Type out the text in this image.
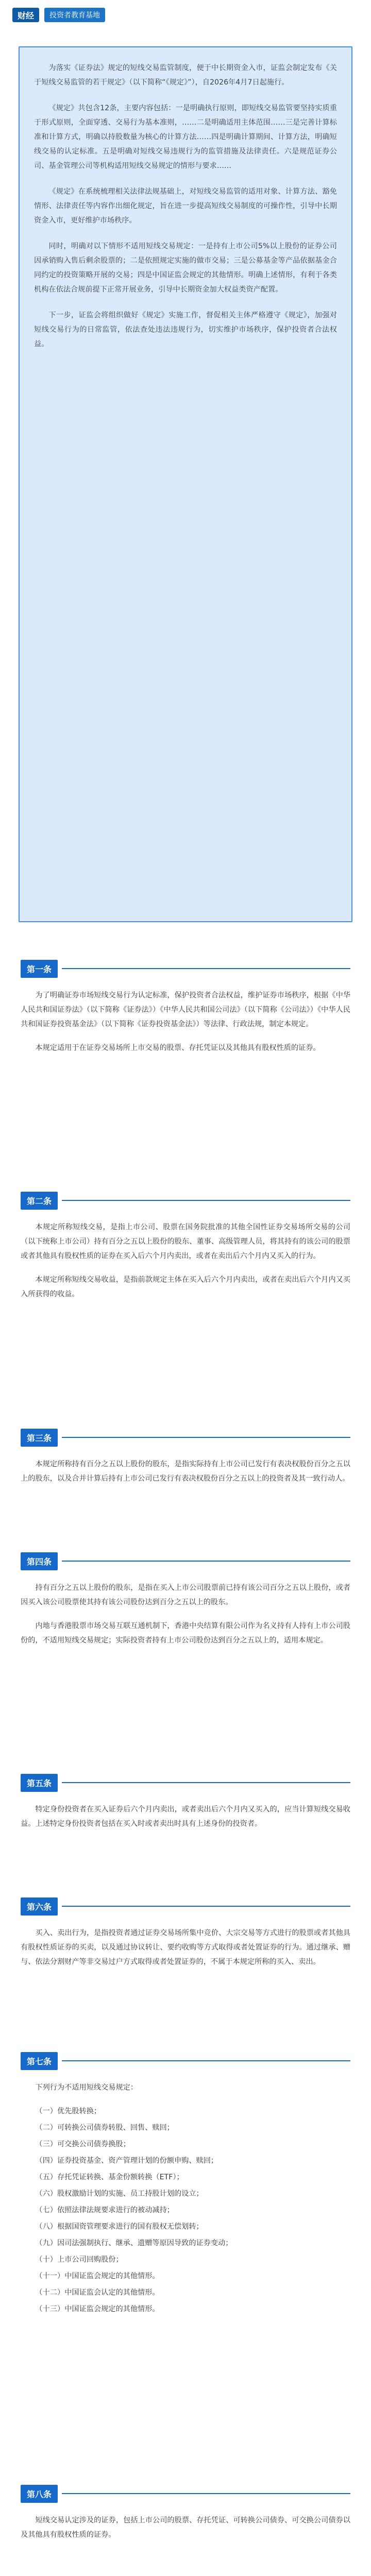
财经	投资者教育基地

为落实《证券法》规定的短线交易监管制度，便于中长期资金入市，证监会制定发布《关于短线交易监管的若干规定》（以下简称“《规定》”），自2026年4月7日起施行。

《规定》共包含12条，主要内容包括：一是明确执行原则，即短线交易监管要坚持实质重于形式原则，全面穿透、交易行为基本准则，……二是明确适用主体范围……三是完善计算标准和计算方式，明确以持股数量为核心的计算方法……四是明确计算期间、计算方法，明确短线交易的认定标准。五是明确对短线交易违规行为的监管措施及法律责任。六是规范证券公司、基金管理公司等机构适用短线交易规定的情形与要求……

《规定》在系统梳理相关法律法规基础上，对短线交易监管的适用对象、计算方法、豁免情形、法律责任等内容作出细化规定，旨在进一步提高短线交易制度的可操作性，引导中长期资金入市，更好维护市场秩序。

同时，明确对以下情形不适用短线交易规定：一是持有上市公司5%以上股份的证券公司因承销购入售后剩余股票的；二是依照规定实施的做市交易；三是公募基金等产品依据基金合同约定的投资策略开展的交易；四是中国证监会规定的其他情形。明确上述情形，有利于各类机构在依法合规前提下正常开展业务，引导中长期资金加大权益类资产配置。

下一步，证监会将组织做好《规定》实施工作，督促相关主体严格遵守《规定》，加强对短线交易行为的日常监管，依法查处违法违规行为，切实维护市场秩序，保护投资者合法权益。

第一条

为了明确证券市场短线交易行为认定标准，保护投资者合法权益，维护证券市场秩序，根据《中华人民共和国证券法》（以下简称《证券法》）《中华人民共和国公司法》（以下简称《公司法》）《中华人民共和国证券投资基金法》（以下简称《证券投资基金法》）等法律、行政法规，制定本规定。

本规定适用于在证券交易场所上市交易的股票、存托凭证以及其他具有股权性质的证券。

第二条

本规定所称短线交易，是指上市公司、股票在国务院批准的其他全国性证券交易场所交易的公司（以下统称上市公司）持有百分之五以上股份的股东、董事、高级管理人员，将其持有的该公司的股票或者其他具有股权性质的证券在买入后六个月内卖出，或者在卖出后六个月内又买入的行为。

本规定所称短线交易收益，是指前款规定主体在买入后六个月内卖出，或者在卖出后六个月内又买入所获得的收益。

第三条

本规定所称持有百分之五以上股份的股东，是指实际持有上市公司已发行有表决权股份百分之五以上的股东，以及合并计算后持有上市公司已发行有表决权股份百分之五以上的投资者及其一致行动人。

第四条

持有百分之五以上股份的股东，是指在买入上市公司股票前已持有该公司百分之五以上股份，或者因买入该公司股票使其持有该公司股份达到百分之五以上的股东。

内地与香港股票市场交易互联互通机制下，香港中央结算有限公司作为名义持有人持有上市公司股份的，不适用短线交易规定；实际投资者持有上市公司股份达到百分之五以上的，适用本规定。

第五条

特定身份投资者在买入证券后六个月内卖出，或者卖出后六个月内又买入的，应当计算短线交易收益。上述特定身份投资者包括在买入时或者卖出时具有上述身份的投资者。

第六条

买入、卖出行为，是指投资者通过证券交易场所集中竞价、大宗交易等方式进行的股票或者其他具有股权性质证券的买卖，以及通过协议转让、要约收购等方式取得或者处置证券的行为。通过继承、赠与、依法分割财产等非交易过户方式取得或者处置证券的，不属于本规定所称的买入、卖出。

第七条

下列行为不适用短线交易规定：

（一）优先股转换；

（二）可转换公司债券转股、回售、赎回；

（三）可交换公司债券换股；

（四）证券投资基金、资产管理计划的份额申购、赎回；

（五）存托凭证转换、基金份额转换（ETF）；

（六）股权激励计划的实施、员工持股计划的设立；

（七）依照法律法规要求进行的被动减持；

（八）根据国资管理要求进行的国有股权无偿划转；

（九）因司法强制执行、继承、遗赠等原因导致的证券变动；

（十）上市公司回购股份；

（十一）中国证监会规定的其他情形。

（十二）中国证监会认定的其他情形。

（十三）中国证监会规定的其他情形。

第八条

短线交易认定涉及的证券，包括上市公司的股票、存托凭证、可转换公司债券、可交换公司债券以及其他具有股权性质的证券。
